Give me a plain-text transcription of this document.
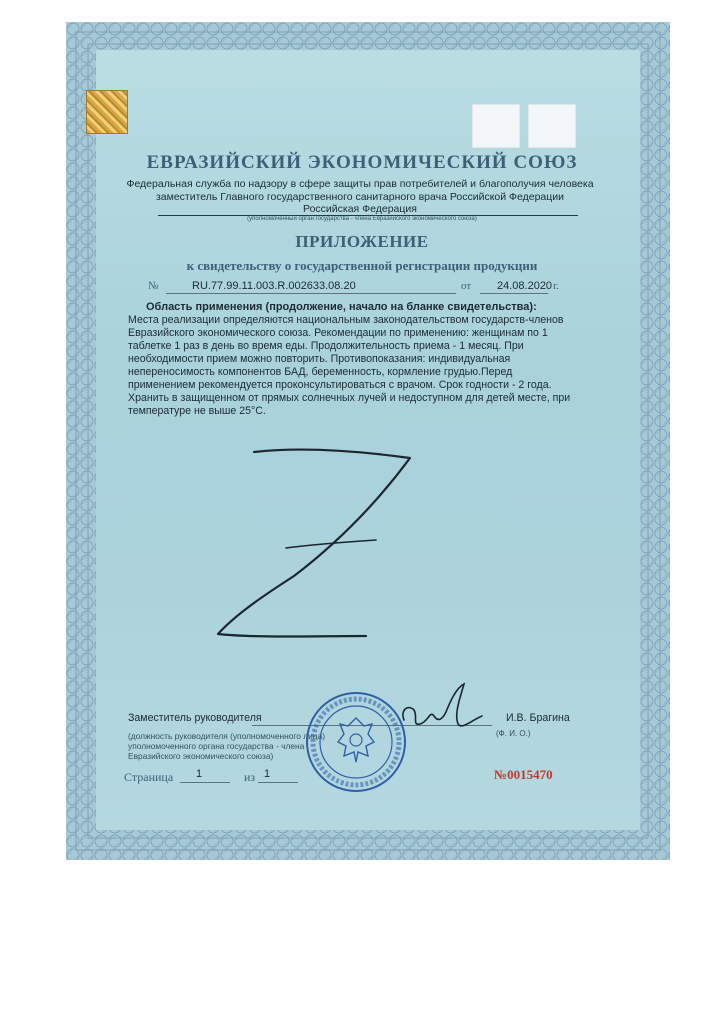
ЕВРАЗИЙСКИЙ ЭКОНОМИЧЕСКИЙ СОЮЗ

Федеральная служба по надзору в сфере защиты прав потребителей и благополучия человека
заместитель Главного государственного санитарного врача Российской Федерации
Российская Федерация

(уполномоченный орган государства - члена Евразийского экономического союза)

ПРИЛОЖЕНИЕ

к свидетельству о государственной регистрации продукции

№	RU.77.99.11.003.R.002633.08.20	от 24.08.2020 г.

Область применения (продолжение, начало на бланке свидетельства):

Места реализации определяются национальным законодательством государств-членов Евразийского экономического союза. Рекомендации по применению: женщинам по 1 таблетке 1 раз в день во время еды. Продолжительность приема - 1 месяц. При необходимости прием можно повторить. Противопоказания: индивидуальная непереносимость компонентов БАД, беременность, кормление грудью.Перед применением рекомендуется проконсультироваться с врачом. Срок годности - 2 года. Хранить в защищенном от прямых солнечных лучей и недоступном для детей месте, при температуре не выше 25°С.

Заместитель руководителя	И.В. Брагина
(Ф. И. О.)

(должность руководителя (уполномоченного лица) уполномоченного органа государства - члена Евразийского экономического союза)

Страница 1	из 1	№0015470
